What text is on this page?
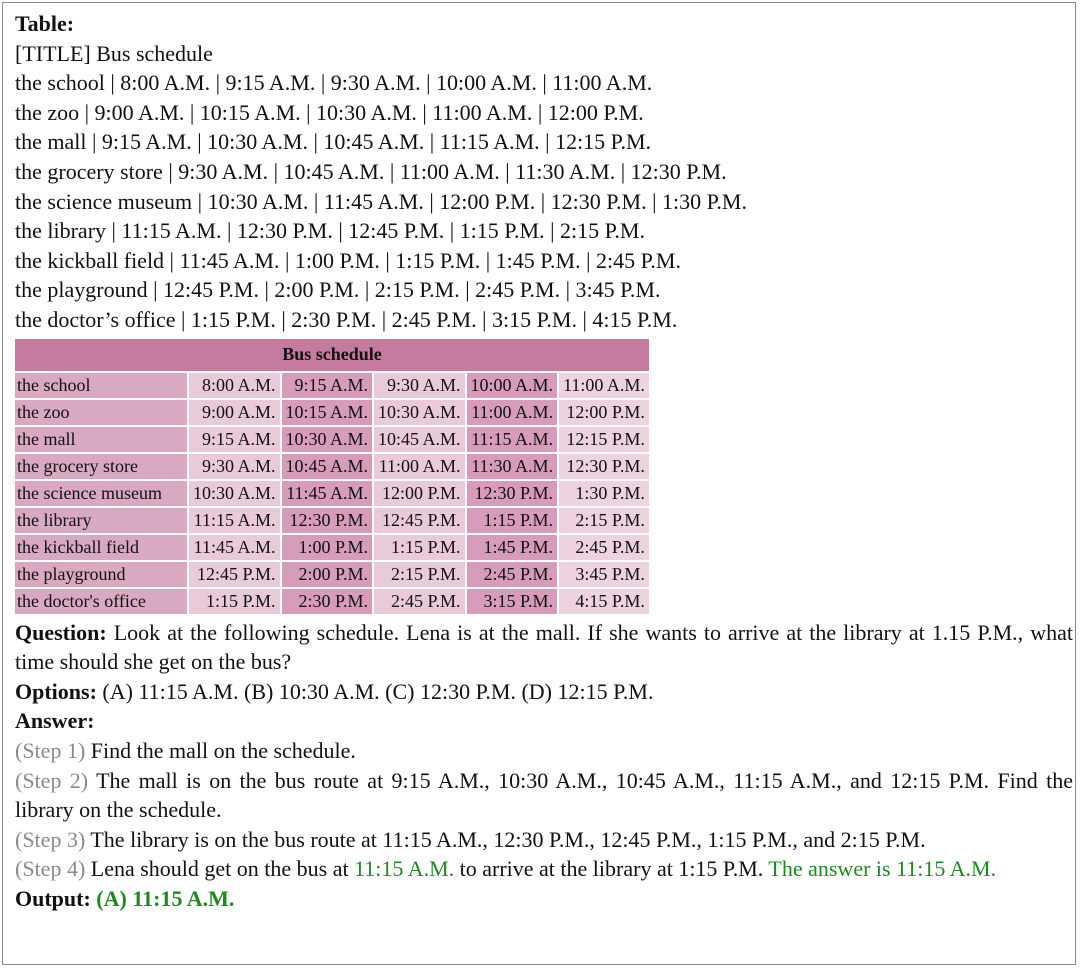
Table:
[TITLE] Bus schedule
the school | 8:00 A.M. | 9:15 A.M. | 9:30 A.M. | 10:00 A.M. | 11:00 A.M.
the zoo | 9:00 A.M. | 10:15 A.M. | 10:30 A.M. | 11:00 A.M. | 12:00 P.M.
the mall | 9:15 A.M. | 10:30 A.M. | 10:45 A.M. | 11:15 A.M. | 12:15 P.M.
the grocery store | 9:30 A.M. | 10:45 A.M. | 11:00 A.M. | 11:30 A.M. | 12:30 P.M.
the science museum | 10:30 A.M. | 11:45 A.M. | 12:00 P.M. | 12:30 P.M. | 1:30 P.M.
the library | 11:15 A.M. | 12:30 P.M. | 12:45 P.M. | 1:15 P.M. | 2:15 P.M.
the kickball field | 11:45 A.M. | 1:00 P.M. | 1:15 P.M. | 1:45 P.M. | 2:45 P.M.
the playground | 12:45 P.M. | 2:00 P.M. | 2:15 P.M. | 2:45 P.M. | 3:45 P.M.
the doctor’s office | 1:15 P.M. | 2:30 P.M. | 2:45 P.M. | 3:15 P.M. | 4:15 P.M.
Bus schedule					
the school	8:00 A.M.	9:15 A.M.	9:30 A.M.	10:00 A.M.	11:00 A.M.
the zoo	9:00 A.M.	10:15 A.M.	10:30 A.M.	11:00 A.M.	12:00 P.M.
the mall	9:15 A.M.	10:30 A.M.	10:45 A.M.	11:15 A.M.	12:15 P.M.
the grocery store	9:30 A.M.	10:45 A.M.	11:00 A.M.	11:30 A.M.	12:30 P.M.
the science museum	10:30 A.M.	11:45 A.M.	12:00 P.M.	12:30 P.M.	1:30 P.M.
the library	11:15 A.M.	12:30 P.M.	12:45 P.M.	1:15 P.M.	2:15 P.M.
the kickball field	11:45 A.M.	1:00 P.M.	1:15 P.M.	1:45 P.M.	2:45 P.M.
the playground	12:45 P.M.	2:00 P.M.	2:15 P.M.	2:45 P.M.	3:45 P.M.
the doctor's office	1:15 P.M.	2:30 P.M.	2:45 P.M.	3:15 P.M.	4:15 P.M.
Question: Look at the following schedule. Lena is at the mall. If she wants to arrive at the library at 1.15 P.M., what time should she get on the bus?
Options: (A) 11:15 A.M. (B) 10:30 A.M. (C) 12:30 P.M. (D) 12:15 P.M.
Answer:
(Step 1) Find the mall on the schedule.
(Step 2) The mall is on the bus route at 9:15 A.M., 10:30 A.M., 10:45 A.M., 11:15 A.M., and 12:15 P.M. Find the library on the schedule.
(Step 3) The library is on the bus route at 11:15 A.M., 12:30 P.M., 12:45 P.M., 1:15 P.M., and 2:15 P.M.
(Step 4) Lena should get on the bus at 11:15 A.M. to arrive at the library at 1:15 P.M. The answer is 11:15 A.M.
Output: (A) 11:15 A.M.
